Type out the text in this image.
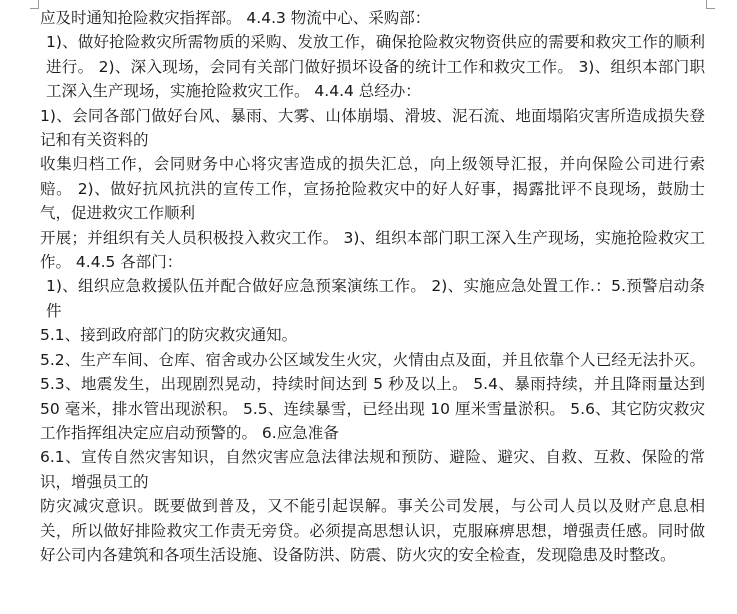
应及时通知抢险救灾指挥部。 4.4.3 物流中心、采购部：

1)、做好抢险救灾所需物质的采购、发放工作，确保抢险救灾物资供应的需要和救灾工作的顺利进行。 2)、深入现场，会同有关部门做好损坏设备的统计工作和救灾工作。 3)、组织本部门职工深入生产现场，实施抢险救灾工作。 4.4.4 总经办：

1)、会同各部门做好台风、暴雨、大雾、山体崩塌、滑坡、泥石流、地面塌陷灾害所造成损失登记和有关资料的

收集归档工作，会同财务中心将灾害造成的损失汇总，向上级领导汇报，并向保险公司进行索赔。 2)、做好抗风抗洪的宣传工作，宣扬抢险救灾中的好人好事，揭露批评不良现场，鼓励士气，促进救灾工作顺利

开展；并组织有关人员积极投入救灾工作。 3)、组织本部门职工深入生产现场，实施抢险救灾工作。 4.4.5 各部门：

1)、组织应急救援队伍并配合做好应急预案演练工作。 2)、实施应急处置工作.：5.预警启动条件

5.1、接到政府部门的防灾救灾通知。

5.2、生产车间、仓库、宿舍或办公区域发生火灾，火情由点及面，并且依靠个人已经无法扑灭。 5.3、地震发生，出现剧烈晃动，持续时间达到 5 秒及以上。 5.4、暴雨持续，并且降雨量达到 50 毫米，排水管出现淤积。 5.5、连续暴雪，已经出现 10 厘米雪量淤积。 5.6、其它防灾救灾工作指挥组决定应启动预警的。 6.应急准备

6.1、宣传自然灾害知识，自然灾害应急法律法规和预防、避险、避灾、自救、互救、保险的常识，增强员工的

防灾减灾意识。既要做到普及，又不能引起误解。事关公司发展，与公司人员以及财产息息相关，所以做好排险救灾工作责无旁贷。必须提高思想认识，克服麻痹思想，增强责任感。同时做好公司内各建筑和各项生活设施、设备防洪、防震、防火灾的安全检查，发现隐患及时整改。
